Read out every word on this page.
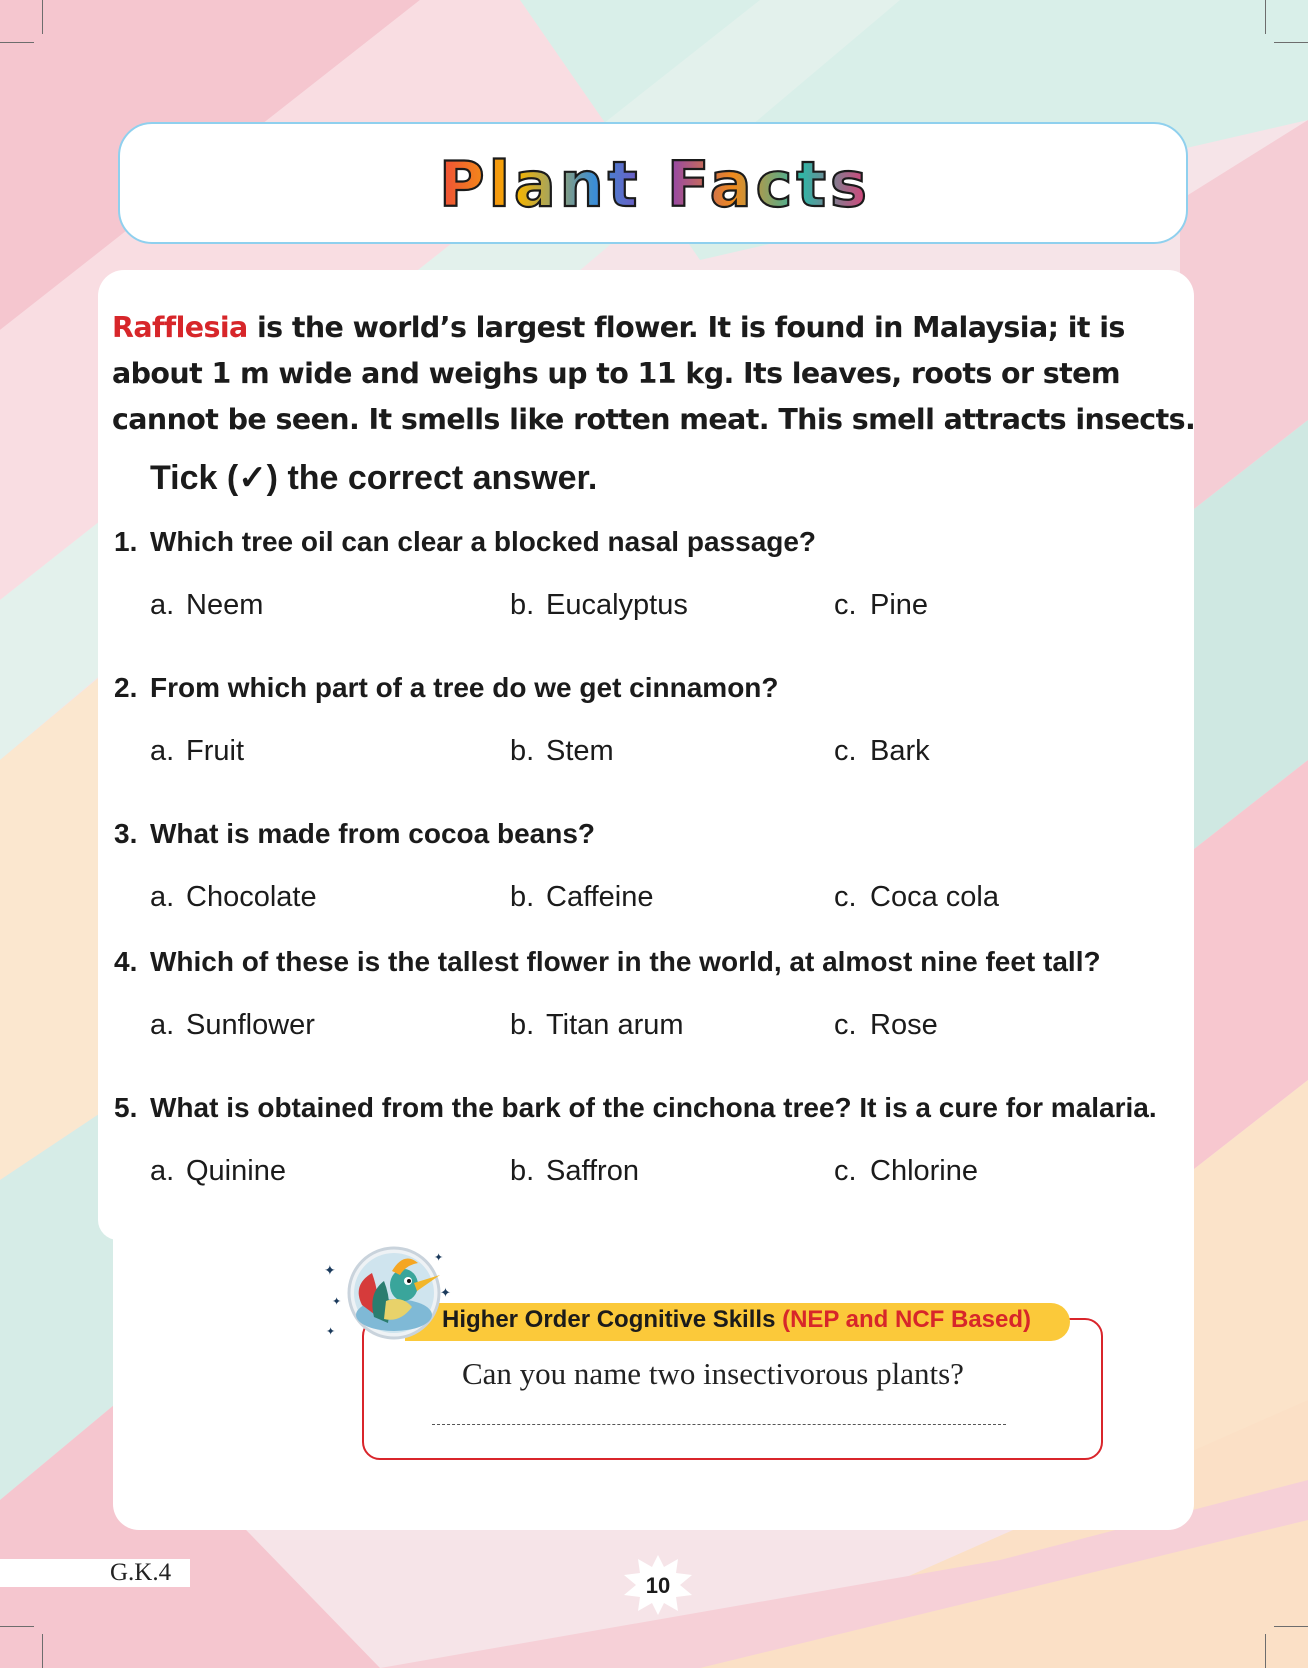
Plant Facts
Rafflesia is the world’s largest flower. It is found in Malaysia; it is about 1 m wide and weighs up to 11 kg. Its leaves, roots or stem cannot be seen. It smells like rotten meat. This smell attracts insects.
Tick (✓) the correct answer.
1. Which tree oil can clear a blocked nasal passage?
a. Neem	b. Eucalyptus	c. Pine
2. From which part of a tree do we get cinnamon?
a. Fruit	b. Stem	c. Bark
3. What is made from cocoa beans?
a. Chocolate	b. Caffeine	c. Coca cola
4. Which of these is the tallest flower in the world, at almost nine feet tall?
a. Sunflower	b. Titan arum	c. Rose
5. What is obtained from the bark of the cinchona tree? It is a cure for malaria.
a. Quinine	b. Saffron	c. Chlorine
Higher Order Cognitive Skills (NEP and NCF Based)
Can you name two insectivorous plants?
✦
✦
✦
✦
✦
G.K.4	10
